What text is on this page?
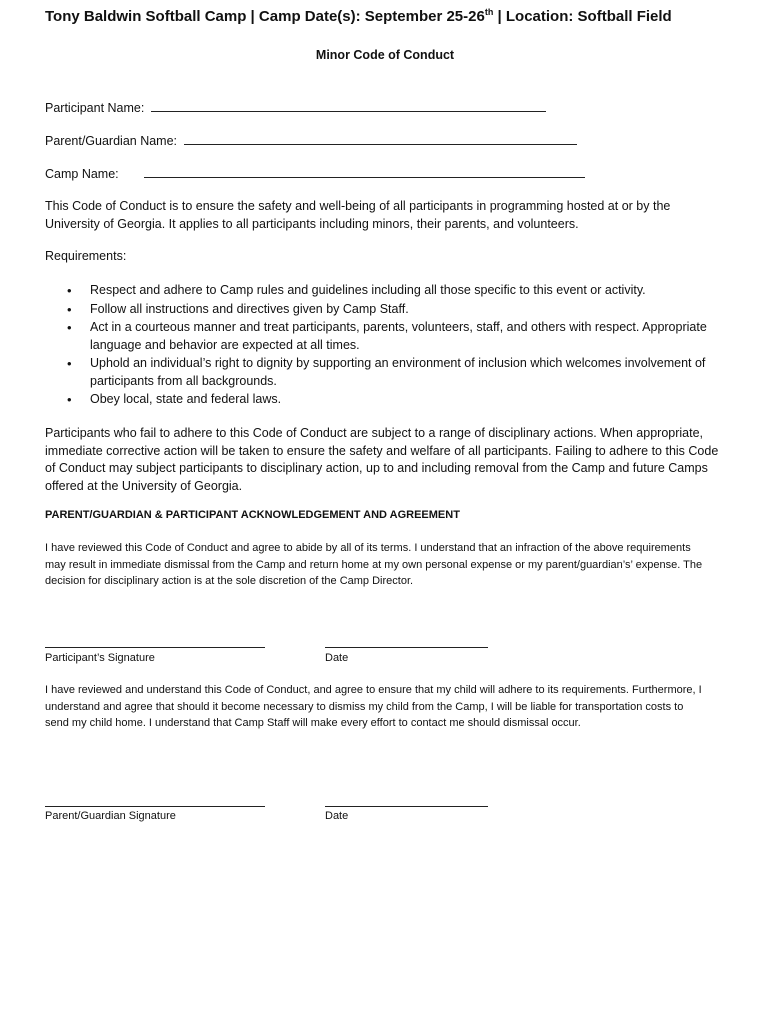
Tony Baldwin Softball Camp | Camp Date(s): September 25-26th | Location: Softball Field
Minor Code of Conduct
Participant Name:
Parent/Guardian Name:
Camp Name:
This Code of Conduct is to ensure the safety and well-being of all participants in programming hosted at or by the University of Georgia. It applies to all participants including minors, their parents, and volunteers.
Requirements:
• Respect and adhere to Camp rules and guidelines including all those specific to this event or activity.
• Follow all instructions and directives given by Camp Staff.
• Act in a courteous manner and treat participants, parents, volunteers, staff, and others with respect. Appropriate language and behavior are expected at all times.
• Uphold an individual’s right to dignity by supporting an environment of inclusion which welcomes involvement of participants from all backgrounds.
• Obey local, state and federal laws.
Participants who fail to adhere to this Code of Conduct are subject to a range of disciplinary actions. When appropriate, immediate corrective action will be taken to ensure the safety and welfare of all participants. Failing to adhere to this Code of Conduct may subject participants to disciplinary action, up to and including removal from the Camp and future Camps offered at the University of Georgia.
PARENT/GUARDIAN & PARTICIPANT ACKNOWLEDGEMENT AND AGREEMENT
I have reviewed this Code of Conduct and agree to abide by all of its terms. I understand that an infraction of the above requirements may result in immediate dismissal from the Camp and return home at my own personal expense or my parent/guardian’s’ expense. The decision for disciplinary action is at the sole discretion of the Camp Director.
Participant’s Signature	Date
I have reviewed and understand this Code of Conduct, and agree to ensure that my child will adhere to its requirements. Furthermore, I understand and agree that should it become necessary to dismiss my child from the Camp, I will be liable for transportation costs to send my child home. I understand that Camp Staff will make every effort to contact me should dismissal occur.
Parent/Guardian Signature	Date
